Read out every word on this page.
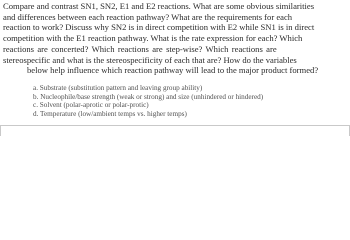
Compare and contrast SN1, SN2, E1 and E2 reactions. What are some obvious similarities
and differences between each reaction pathway? What are the requirements for each
reaction to work? Discuss why SN2 is in direct competition with E2 while SN1 is in direct
competition with the E1 reaction pathway. What is the rate expression for each? Which
reactions are concerted? Which reactions are step-wise? Which reactions are
stereospecific and what is the stereospecificity of each that are? How do the variables
below help influence which reaction pathway will lead to the major product formed?

a. Substrate (substitution pattern and leaving group ability)
b. Nucleophile/base strength (weak or strong) and size (unhindered or hindered)
c. Solvent (polar-aprotic or polar-protic)
d. Temperature (low/ambient temps vs. higher temps)
